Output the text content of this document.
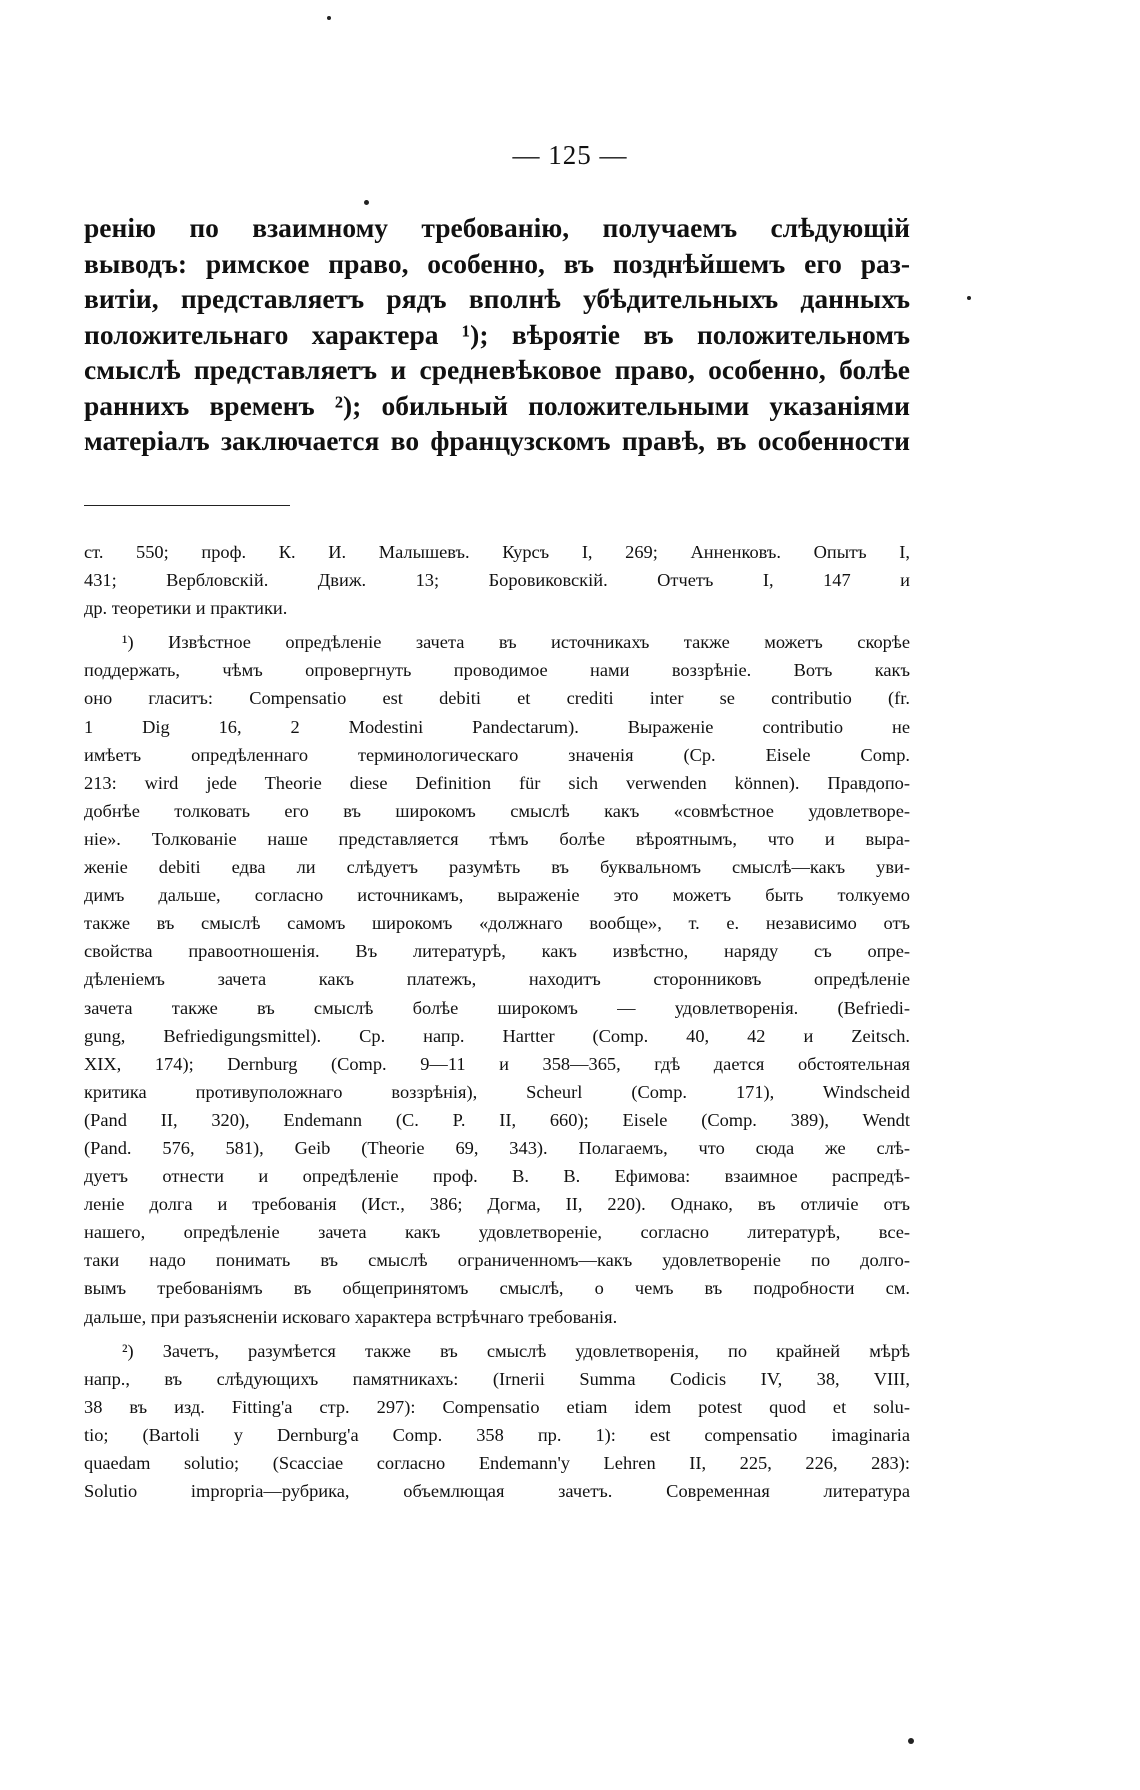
— 125 —
ренію по взаимному требованію, получаемъ слѣдующій
выводъ: римское право, особенно, въ позднѣйшемъ его раз-
витіи, представляетъ рядъ вполнѣ убѣдительныхъ данныхъ
положительнаго характера ¹); вѣроятіе въ положительномъ
смыслѣ представляетъ и средневѣковое право, особенно, болѣе
раннихъ временъ ²); обильный положительными указаніями
матеріалъ заключается во французскомъ правѣ, въ особенности
ст. 550; проф. К. И. Малышевъ. Курсъ I, 269; Анненковъ. Опытъ I,
431; Вербловскій. Движ. 13; Боровиковскій. Отчетъ I, 147 и
др. теоретики и практики.
¹) Извѣстное опредѣленіе зачета въ источникахъ также можетъ скорѣе
поддержать, чѣмъ опровергнуть проводимое нами воззрѣніе. Вотъ какъ
оно гласитъ: Compensatio est debiti et crediti inter se contributio (fr.
1 Dig 16, 2 Modestini Pandectarum). Выраженіе contributio не
имѣетъ опредѣленнаго терминологическаго значенія (Ср. Eisele Comp.
213: wird jede Theorie diese Definition für sich verwenden können). Правдопо-
добнѣе толковать его въ широкомъ смыслѣ какъ «совмѣстное удовлетворе-
ніе». Толкованіе наше представляется тѣмъ болѣе вѣроятнымъ, что и выра-
женіе debiti едва ли слѣдуетъ разумѣть въ буквальномъ смыслѣ—какъ уви-
димъ дальше, согласно источникамъ, выраженіе это можетъ быть толкуемо
также въ смыслѣ самомъ широкомъ «должнаго вообще», т. е. независимо отъ
свойства правоотношенія. Въ литературѣ, какъ извѣстно, наряду съ опре-
дѣленіемъ зачета какъ платежъ, находитъ сторонниковъ опредѣленіе
зачета также въ смыслѣ болѣе широкомъ — удовлетворенія. (Befriedi-
gung, Befriedigungsmittel). Ср. напр. Hartter (Comp. 40, 42 и Zeitsch.
XIX, 174); Dernburg (Comp. 9—11 и 358—365, гдѣ дается обстоятельная
критика противуположнаго воззрѣнія), Scheurl (Comp. 171), Windscheid
(Pand II, 320), Endemann (C. P. II, 660); Eisele (Comp. 389), Wendt
(Pand. 576, 581), Geib (Theorie 69, 343). Полагаемъ, что сюда же слѣ-
дуетъ отнести и опредѣленіе проф. В. В. Ефимова: взаимное распредѣ-
леніе долга и требованія (Ист., 386; Догма, II, 220). Однако, въ отличіе отъ
нашего, опредѣленіе зачета какъ удовлетвореніе, согласно литературѣ, все-
таки надо понимать въ смыслѣ ограниченномъ—какъ удовлетвореніе по долго-
вымъ требованіямъ въ общепринятомъ смыслѣ, о чемъ въ подробности см.
дальше, при разъясненіи исковаго характера встрѣчнаго требованія.
²) Зачетъ, разумѣется также въ смыслѣ удовлетворенія, по крайней мѣрѣ
напр., въ слѣдующихъ памятникахъ: (Irnerii Summa Codicis IV, 38, VIII,
38 въ изд. Fitting'a стр. 297): Compensatio etiam idem potest quod et solu-
tio; (Bartoli у Dernburg'a Comp. 358 пр. 1): est compensatio imaginaria
quaedam solutio; (Scacciae согласно Endemann'у Lehren II, 225, 226, 283):
Solutio improрria—рубрика, объемлющая зачетъ. Современная литература
